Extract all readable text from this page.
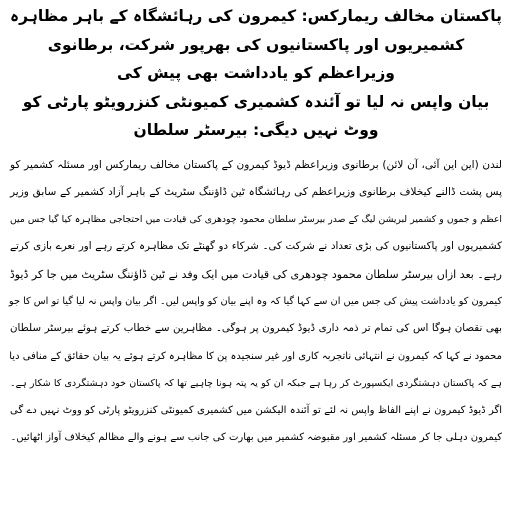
پاکستان مخالف ریمارکس: کیمرون کی رہائشگاہ کے باہر مظاہرہ

کشمیریوں اور پاکستانیوں کی بھرپور شرکت، برطانوی وزیراعظم کو یادداشت بھی پیش کی

بیان واپس نہ لیا تو آئندہ کشمیری کمیونٹی کنزرویٹو پارٹی کو ووٹ نہیں دیگی: بیرسٹر سلطان

لندن (این این آئی، آن لائن) برطانوی وزیراعظم ڈیوڈ کیمرون کے پاکستان مخالف ریمارکس اور مسئلہ کشمیر کو

پس پشت ڈالنے کیخلاف برطانوی وزیراعظم کی رہائشگاہ ٹین ڈاؤننگ سٹریٹ کے باہر آزاد کشمیر کے سابق وزیر

اعظم و جموں و کشمیر لبریشن لیگ کے صدر بیرسٹر سلطان محمود چودھری کی قیادت میں احتجاجی مظاہرہ کیا گیا جس میں

کشمیریوں اور پاکستانیوں کی بڑی تعداد نے شرکت کی۔ شرکاء دو گھنٹے تک مظاہرہ کرتے رہے اور نعرے بازی کرتے

رہے۔ بعد ازاں بیرسٹر سلطان محمود چودھری کی قیادت میں ایک وفد نے ٹین ڈاؤننگ سٹریٹ میں جا کر ڈیوڈ

کیمرون کو یادداشت پیش کی جس میں ان سے کہا گیا کہ وہ اپنے بیان کو واپس لیں۔ اگر بیان واپس نہ لیا گیا تو اس کا جو

بھی نقصان ہوگا اس کی تمام تر ذمہ داری ڈیوڈ کیمرون پر ہوگی۔ مظاہرین سے خطاب کرتے ہوئے بیرسٹر سلطان

محمود نے کہا کہ کیمرون نے انتہائی ناتجربہ کاری اور غیر سنجیدہ پن کا مظاہرہ کرتے ہوئے یہ بیان حقائق کے منافی دیا

ہے کہ پاکستان دہشتگردی ایکسپورٹ کر رہا ہے جبکہ ان کو یہ پتہ ہونا چاہیے تھا کہ پاکستان خود دہشتگردی کا شکار ہے۔

اگر ڈیوڈ کیمرون نے اپنے الفاظ واپس نہ لئے تو آئندہ الیکشن میں کشمیری کمیونٹی کنزرویٹو پارٹی کو ووٹ نہیں دے گی

کیمرون دہلی جا کر مسئلہ کشمیر اور مقبوضہ کشمیر میں بھارت کی جانب سے ہونے والے مظالم کیخلاف آواز اٹھائیں۔
